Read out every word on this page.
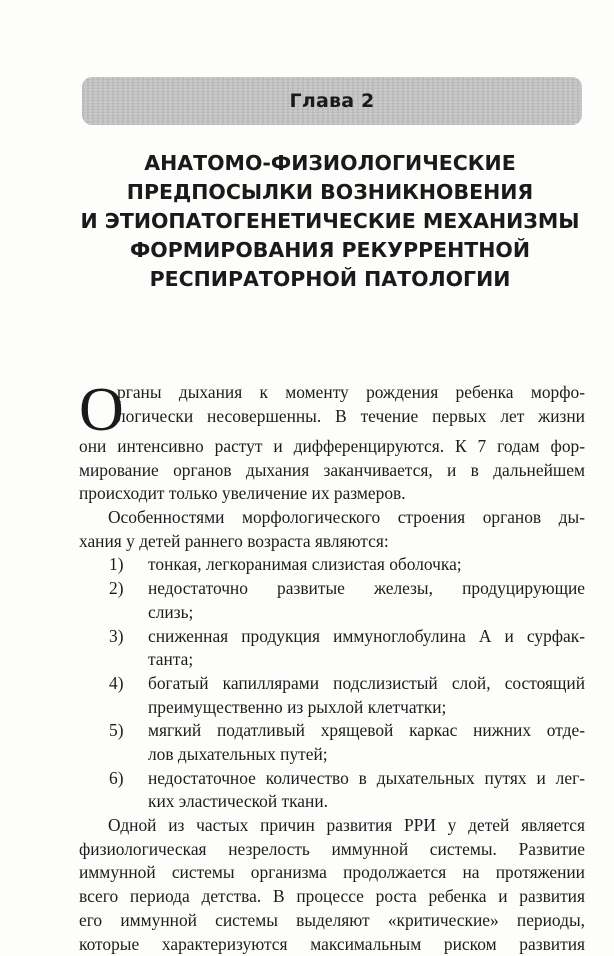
Глава 2
АНАТОМО-ФИЗИОЛОГИЧЕСКИЕ
ПРЕДПОСЫЛКИ ВОЗНИКНОВЕНИЯ
И ЭТИОПАТОГЕНЕТИЧЕСКИЕ МЕХАНИЗМЫ
ФОРМИРОВАНИЯ РЕКУРРЕНТНОЙ
РЕСПИРАТОРНОЙ ПАТОЛОГИИ
О
рганы дыхания к моменту рождения ребенка морфо-
логически несовершенны. В течение первых лет жизни
они интенсивно растут и дифференцируются. К 7 годам фор-
мирование органов дыхания заканчивается, и в дальнейшем
происходит только увеличение их размеров.
Особенностями морфологического строения органов ды-
хания у детей раннего возраста являются:
1)	тонкая, легкоранимая слизистая оболочка;
2)	недостаточно развитые железы, продуцирующие
слизь;
3)	сниженная продукция иммуноглобулина А и сурфак-
танта;
4)	богатый капиллярами подслизистый слой, состоящий
преимущественно из рыхлой клетчатки;
5)	мягкий податливый хрящевой каркас нижних отде-
лов дыхательных путей;
6)	недостаточное количество в дыхательных путях и лег-
ких эластической ткани.
Одной из частых причин развития РРИ у детей является
физиологическая незрелость иммунной системы. Развитие
иммунной системы организма продолжается на протяжении
всего периода детства. В процессе роста ребенка и развития
его иммунной системы выделяют «критические» периоды,
которые характеризуются максимальным риском развития
